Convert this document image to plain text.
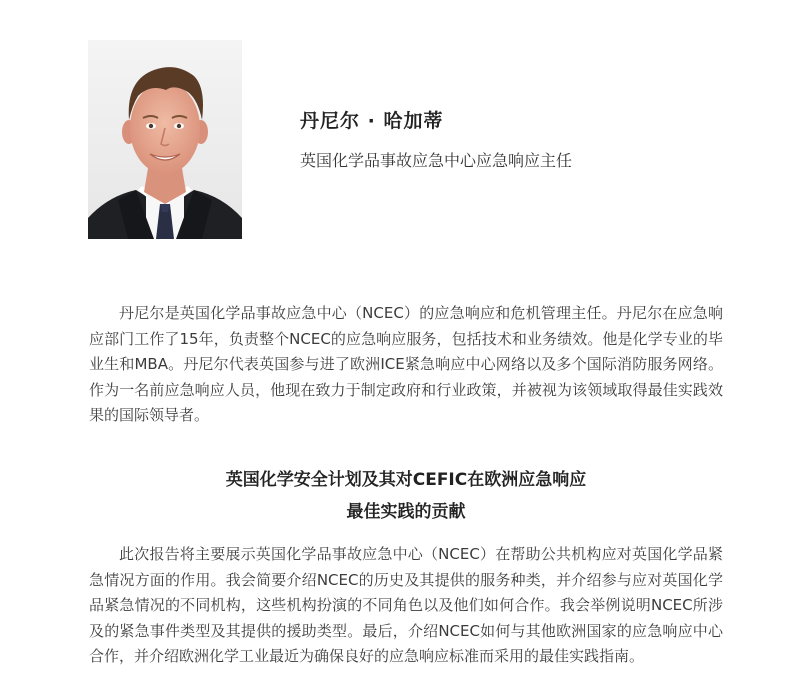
丹尼尔 · 哈加蒂
英国化学品事故应急中心应急响应主任

丹尼尔是英国化学品事故应急中心（NCEC）的应急响应和危机管理主任。丹尼尔在应急响应部门工作了15年，负责整个NCEC的应急响应服务，包括技术和业务绩效。他是化学专业的毕业生和MBA。丹尼尔代表英国参与进了欧洲ICE紧急响应中心网络以及多个国际消防服务网络。作为一名前应急响应人员，他现在致力于制定政府和行业政策，并被视为该领域取得最佳实践效果的国际领导者。

英国化学安全计划及其对CEFIC在欧洲应急响应
最佳实践的贡献

此次报告将主要展示英国化学品事故应急中心（NCEC）在帮助公共机构应对英国化学品紧急情况方面的作用。我会简要介绍NCEC的历史及其提供的服务种类，并介绍参与应对英国化学品紧急情况的不同机构，这些机构扮演的不同角色以及他们如何合作。我会举例说明NCEC所涉及的紧急事件类型及其提供的援助类型。最后，介绍NCEC如何与其他欧洲国家的应急响应中心合作，并介绍欧洲化学工业最近为确保良好的应急响应标准而采用的最佳实践指南。
